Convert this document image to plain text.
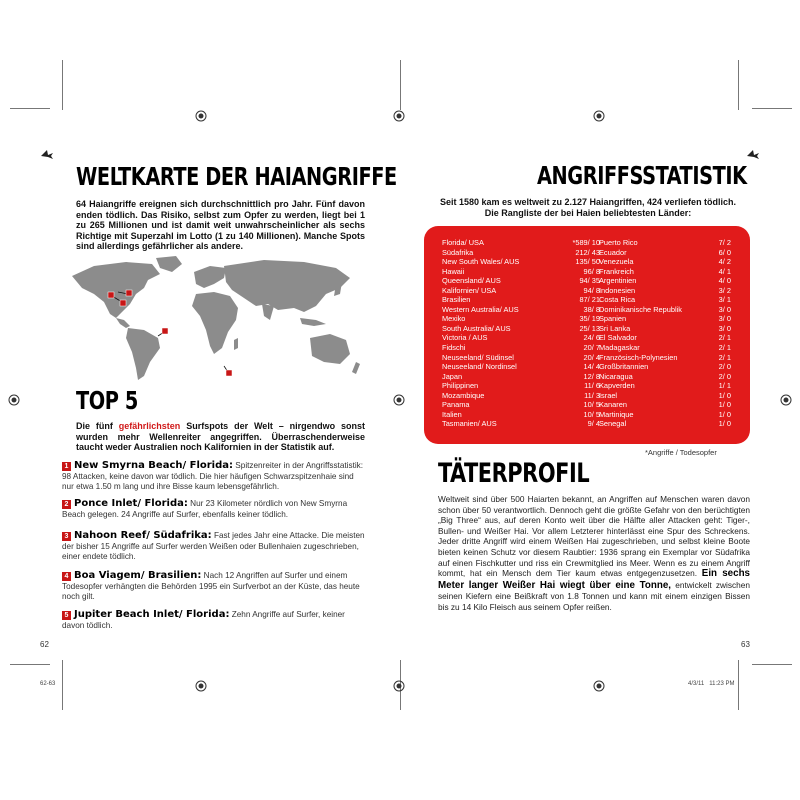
WELTKARTE DER HAIANGRIFFE
64 Haiangriffe ereignen sich durchschnittlich pro Jahr. Fünf davon enden tödlich. Das Risiko, selbst zum Opfer zu werden, liegt bei 1 zu 265 Millionen und ist damit weit unwahrscheinlicher als sechs Richtige mit Superzahl im Lotto (1 zu 140 Millionen). Manche Spots sind allerdings gefährlicher als andere.
TOP 5
Die fünf gefährlichsten Surfspots der Welt – nirgendwo sonst wurden mehr Wellenreiter angegriffen. Überraschenderweise taucht weder Australien noch Kalifornien in der Statistik auf.
1 New Smyrna Beach/ Florida: Spitzenreiter in der Angriffsstatistik: 98 Attacken, keine davon war tödlich. Die hier häufigen Schwarzspitzenhaie sind nur etwa 1.50 m lang und ihre Bisse kaum lebensgefährlich.
2 Ponce Inlet/ Florida: Nur 23 Kilometer nördlich von New Smyrna Beach gelegen. 24 Angriffe auf Surfer, ebenfalls keiner tödlich.
3 Nahoon Reef/ Südafrika: Fast jedes Jahr eine Attacke. Die meisten der bisher 15 Angriffe auf Surfer werden Weißen oder Bullenhaien zugeschrieben, einer endete tödlich.
4 Boa Viagem/ Brasilien: Nach 12 Angriffen auf Surfer und einem Todesopfer verhängten die Behörden 1995 ein Surfverbot an der Küste, das heute noch gilt.
5 Jupiter Beach Inlet/ Florida: Zehn Angriffe auf Surfer, keiner davon tödlich.
62
62-63
ANGRIFFSSTATISTIK
Seit 1580 kam es weltweit zu 2.127 Haiangriffen, 424 verliefen tödlich. Die Rangliste der bei Haien beliebtesten Länder:
Florida/ USA	*589/ 10
Südafrika	212/ 43
New South Wales/ AUS	135/ 50
Hawaii	96/ 8
Queensland/ AUS	94/ 35
Kalifornien/ USA	94/ 8
Brasilien	87/ 21
Western Australia/ AUS	38/ 8
Mexiko	35/ 19
South Australia/ AUS	25/ 13
Victoria / AUS	24/ 6
Fidschi	20/ 7
Neuseeland/ Südinsel	20/ 4
Neuseeland/ Nordinsel	14/ 4
Japan	12/ 8
Philippinen	11/ 6
Mozambique	11/ 3
Panama	10/ 5
Italien	10/ 5
Tasmanien/ AUS	9/ 4
Puerto Rico	7/ 2
Ecuador	6/ 0
Venezuela	4/ 2
Frankreich	4/ 1
Argentinien	4/ 0
Indonesien	3/ 2
Costa Rica	3/ 1
Dominikanische Republik	3/ 0
Spanien	3/ 0
Sri Lanka	3/ 0
El Salvador	2/ 1
Madagaskar	2/ 1
Französisch-Polynesien	2/ 1
Großbritannien	2/ 0
Nicaragua	2/ 0
Kapverden	1/ 1
Israel	1/ 0
Kanaren	1/ 0
Martinique	1/ 0
Senegal	1/ 0
*Angriffe / Todesopfer
TÄTERPROFIL
Weltweit sind über 500 Haiarten bekannt, an Angriffen auf Menschen waren davon schon über 50 verantwortlich. Dennoch geht die größte Gefahr von den berüchtigten „Big Three“ aus, auf deren Konto weit über die Hälfte aller Attacken geht: Tiger-, Bullen- und Weißer Hai. Vor allem Letzterer hinterlässt eine Spur des Schreckens. Jeder dritte Angriff wird einem Weißen Hai zugeschrieben, und selbst kleine Boote bieten keinen Schutz vor diesem Raubtier: 1936 sprang ein Exemplar vor Südafrika auf einen Fischkutter und riss ein Crewmitglied ins Meer. Wenn es zu einem Angriff kommt, hat ein Mensch dem Tier kaum etwas entgegenzusetzen. Ein sechs Meter langer Weißer Hai wiegt über eine Tonne, entwickelt zwischen seinen Kiefern eine Beißkraft von 1.8 Tonnen und kann mit einem einzigen Bissen bis zu 14 Kilo Fleisch aus seinem Opfer reißen.
63
4/3/11   11:23 PM
